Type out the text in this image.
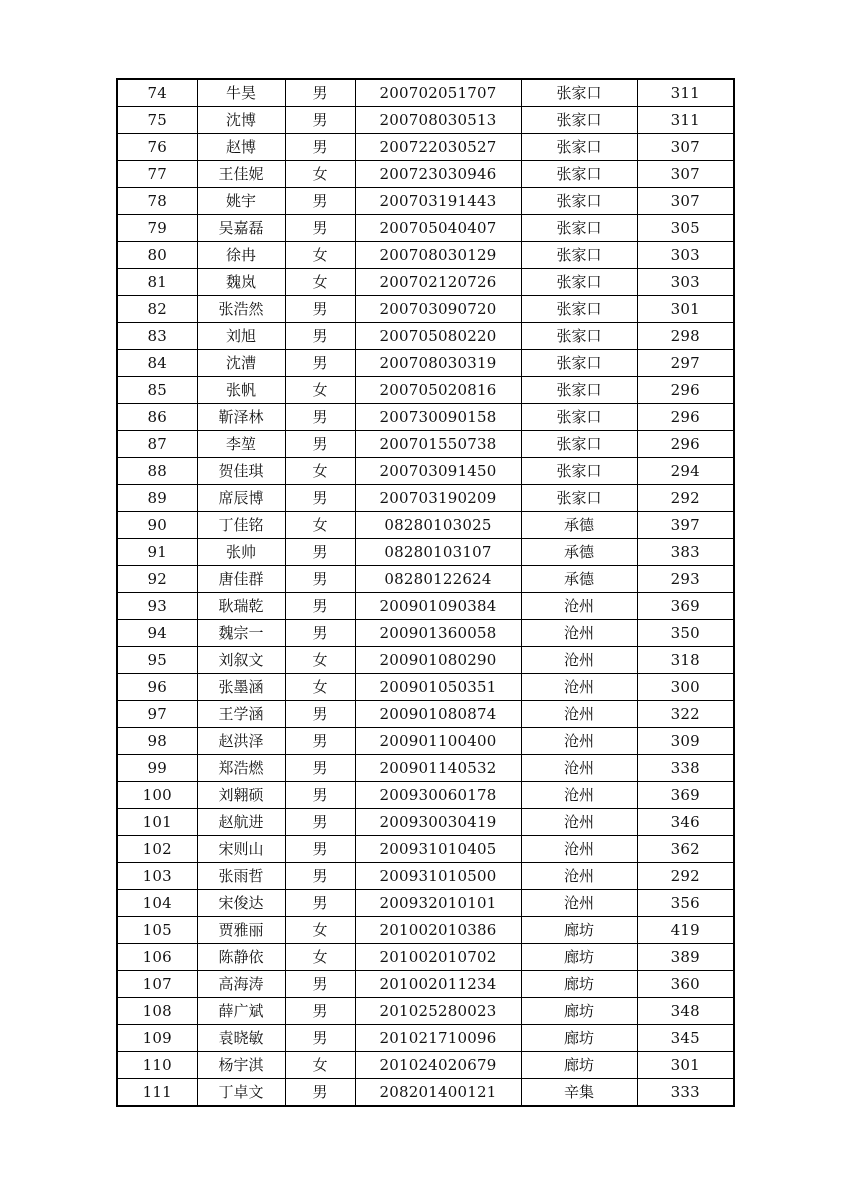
74	牛昊	男	200702051707	张家口	311
75	沈博	男	200708030513	张家口	311
76	赵博	男	200722030527	张家口	307
77	王佳妮	女	200723030946	张家口	307
78	姚宇	男	200703191443	张家口	307
79	吴嘉磊	男	200705040407	张家口	305
80	徐冉	女	200708030129	张家口	303
81	魏岚	女	200702120726	张家口	303
82	张浩然	男	200703090720	张家口	301
83	刘旭	男	200705080220	张家口	298
84	沈漕	男	200708030319	张家口	297
85	张帆	女	200705020816	张家口	296
86	靳泽林	男	200730090158	张家口	296
87	李堃	男	200701550738	张家口	296
88	贺佳琪	女	200703091450	张家口	294
89	席辰博	男	200703190209	张家口	292
90	丁佳铭	女	08280103025	承德	397
91	张帅	男	08280103107	承德	383
92	唐佳群	男	08280122624	承德	293
93	耿瑞乾	男	200901090384	沧州	369
94	魏宗一	男	200901360058	沧州	350
95	刘叙文	女	200901080290	沧州	318
96	张墨涵	女	200901050351	沧州	300
97	王学涵	男	200901080874	沧州	322
98	赵洪泽	男	200901100400	沧州	309
99	郑浩燃	男	200901140532	沧州	338
100	刘翱硕	男	200930060178	沧州	369
101	赵航进	男	200930030419	沧州	346
102	宋则山	男	200931010405	沧州	362
103	张雨哲	男	200931010500	沧州	292
104	宋俊达	男	200932010101	沧州	356
105	贾雅丽	女	201002010386	廊坊	419
106	陈静依	女	201002010702	廊坊	389
107	高海涛	男	201002011234	廊坊	360
108	薛广斌	男	201025280023	廊坊	348
109	袁晓敏	男	201021710096	廊坊	345
110	杨宇淇	女	201024020679	廊坊	301
111	丁卓文	男	208201400121	辛集	333
